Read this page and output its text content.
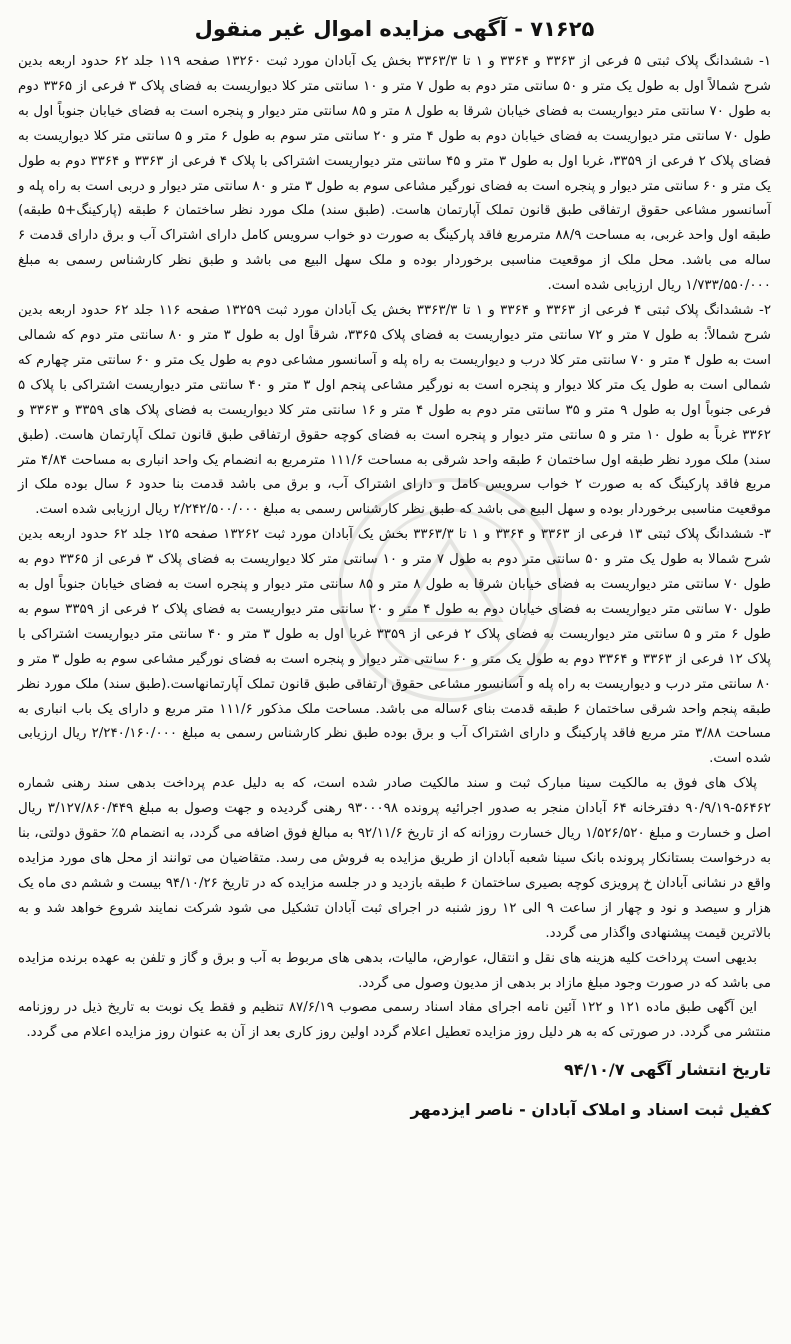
۷۱۶۲۵ - آگهی مزایده اموال غیر منقول

۱- ششدانگ پلاک ثبتی ۵ فرعی از ۳۳۶۳ و ۳۳۶۴ و ۱ تا ۳۳۶۳/۳ بخش یک آبادان مورد ثبت ۱۳۲۶۰ صفحه ۱۱۹ جلد ۶۲ حدود اربعه بدین شرح شمالاً اول به طول یک متر و ۵۰ سانتی متر دوم به طول ۷ متر و ۱۰ سانتی متر کلا دیواریست به فضای پلاک ۳ فرعی از ۳۳۶۵ دوم به طول ۷۰ سانتی متر دیواریست به فضای خیابان شرقا به طول ۸ متر و ۸۵ سانتی متر دیوار و پنجره است به فضای خیابان جنوباً اول به طول ۷۰ سانتی متر دیواریست به فضای خیابان دوم به طول ۴ متر و ۲۰ سانتی متر سوم به طول ۶ متر و ۵ سانتی متر کلا دیواریست به فضای پلاک ۲ فرعی از ۳۳۵۹، غربا اول به طول ۳ متر و ۴۵ سانتی متر دیواریست اشتراکی با پلاک ۴ فرعی از ۳۳۶۳ و ۳۳۶۴ دوم به طول یک متر و ۶۰ سانتی متر دیوار و پنجره است به فضای نورگیر مشاعی سوم به طول ۳ متر و ۸۰ سانتی متر دیوار و دربی است به راه پله و آسانسور مشاعی حقوق ارتفاقی طبق قانون تملک آپارتمان هاست. (طبق سند) ملک مورد نظر ساختمان ۶ طبقه (پارکینگ+۵ طبقه) طبقه اول واحد غربی، به مساحت ۸۸/۹ مترمربع فاقد پارکینگ به صورت دو خواب سرویس کامل دارای اشتراک آب و برق دارای قدمت ۶ ساله می باشد. محل ملک از موقعیت مناسبی برخوردار بوده و ملک سهل البیع می باشد و طبق نظر کارشناس رسمی به مبلغ ۱/۷۳۳/۵۵۰/۰۰۰ ریال ارزیابی شده است.

۲- ششدانگ پلاک ثبتی ۴ فرعی از ۳۳۶۳ و ۳۳۶۴ و ۱ تا ۳۳۶۳/۳ بخش یک آبادان مورد ثبت ۱۳۲۵۹ صفحه ۱۱۶ جلد ۶۲ حدود اربعه بدین شرح شمالاً: به طول ۷ متر و ۷۲ سانتی متر دیواریست به فضای پلاک ۳۳۶۵، شرقاً اول به طول ۳ متر و ۸۰ سانتی متر دوم که شمالی است به طول ۴ متر و ۷۰ سانتی متر کلا درب و دیواریست به راه پله و آسانسور مشاعی دوم به طول یک متر و ۶۰ سانتی متر چهارم که شمالی است به طول یک متر کلا دیوار و پنجره است به نورگیر مشاعی پنجم اول ۳ متر و ۴۰ سانتی متر دیواریست اشتراکی با پلاک ۵ فرعی جنوباً اول به طول ۹ متر و ۳۵ سانتی متر دوم به طول ۴ متر و ۱۶ سانتی متر کلا دیواریست به فضای پلاک های ۳۳۵۹ و ۳۳۶۳ و ۳۳۶۲ غرباً به طول ۱۰ متر و ۵ سانتی متر دیوار و پنجره است به فضای کوچه حقوق ارتفاقی طبق قانون تملک آپارتمان هاست. (طبق سند) ملک مورد نظر طبقه اول ساختمان ۶ طبقه واحد شرقی به مساحت ۱۱۱/۶ مترمربع به انضمام یک واحد انباری به مساحت ۴/۸۴ متر مربع فاقد پارکینگ که به صورت ۲ خواب سرویس کامل و دارای اشتراک آب، و برق می باشد قدمت بنا حدود ۶ سال بوده ملک از موقعیت مناسبی برخوردار بوده و سهل البیع می باشد که طبق نظر کارشناس رسمی به مبلغ ۲/۲۴۲/۵۰۰/۰۰۰ ریال ارزیابی شده است.

۳- ششدانگ پلاک ثبتی ۱۳ فرعی از ۳۳۶۳ و ۳۳۶۴ و ۱ تا ۳۳۶۳/۳ بخش یک آبادان مورد ثبت ۱۳۲۶۲ صفحه ۱۲۵ جلد ۶۲ حدود اربعه بدین شرح شمالا به طول یک متر و ۵۰ سانتی متر دوم به طول ۷ متر و ۱۰ سانتی متر کلا دیواریست به فضای پلاک ۳ فرعی از ۳۳۶۵ دوم به طول ۷۰ سانتی متر دیواریست به فضای خیابان شرقا به طول ۸ متر و ۸۵ سانتی متر دیوار و پنجره است به فضای خیابان جنوباً اول به طول ۷۰ سانتی متر دیواریست به فضای خیابان دوم به طول ۴ متر و ۲۰ سانتی متر دیواریست به فضای پلاک ۲ فرعی از ۳۳۵۹ سوم به طول ۶ متر و ۵ سانتی متر دیواریست به فضای پلاک ۲ فرعی از ۳۳۵۹ غربا اول به طول ۳ متر و ۴۰ سانتی متر دیواریست اشتراکی با پلاک ۱۲ فرعی از ۳۳۶۳ و ۳۳۶۴ دوم به طول یک متر و ۶۰ سانتی متر دیوار و پنجره است به فضای نورگیر مشاعی سوم به طول ۳ متر و ۸۰ سانتی متر درب و دیواریست به راه پله و آسانسور مشاعی حقوق ارتفاقی طبق قانون تملک آپارتمانهاست.(طبق سند) ملک مورد نظر طبقه پنجم واحد شرقی ساختمان ۶ طبقه قدمت بنای ۶ساله می باشد. مساحت ملک مذکور ۱۱۱/۶ متر مربع و دارای یک باب انباری به مساحت ۳/۸۸ متر مربع فاقد پارکینگ و دارای اشتراک آب و برق بوده طبق نظر کارشناس رسمی به مبلغ ۲/۲۴۰/۱۶۰/۰۰۰ ریال ارزیابی شده است.

پلاک های فوق به مالکیت سینا مبارک ثبت و سند مالکیت صادر شده است، که به دلیل عدم پرداخت بدهی سند رهنی شماره ۵۶۴۶۲-۹۰/۹/۱۹ دفترخانه ۶۴ آبادان منجر به صدور اجرائیه پرونده ۹۳۰۰۰۹۸ رهنی گردیده و جهت وصول به مبلغ ۳/۱۲۷/۸۶۰/۴۴۹ ریال اصل و خسارت و مبلغ ۱/۵۲۶/۵۲۰ ریال خسارت روزانه که از تاریخ ۹۲/۱۱/۶ به مبالغ فوق اضافه می گردد، به انضمام ۵٪ حقوق دولتی، بنا به درخواست بستانکار پرونده بانک سینا شعبه آبادان از طریق مزایده به فروش می رسد. متقاضیان می توانند از محل های مورد مزایده واقع در نشانی آبادان خ پرویزی کوچه بصیری ساختمان ۶ طبقه بازدید و در جلسه مزایده که در تاریخ ۹۴/۱۰/۲۶ بیست و ششم دی ماه یک هزار و سیصد و نود و چهار از ساعت ۹ الی ۱۲ روز شنبه در اجرای ثبت آبادان تشکیل می شود شرکت نمایند شروع خواهد شد و به بالاترین قیمت پیشنهادی واگذار می گردد.

بدیهی است پرداخت کلیه هزینه های نقل و انتقال، عوارض، مالیات، بدهی های مربوط به آب و برق و گاز و تلفن به عهده برنده مزایده می باشد که در صورت وجود مبلغ مازاد بر بدهی از مدیون وصول می گردد.

این آگهی طبق ماده ۱۲۱ و ۱۲۲ آئین نامه اجرای مفاد اسناد رسمی مصوب ۸۷/۶/۱۹ تنظیم و فقط یک نوبت به تاریخ ذیل در روزنامه منتشر می گردد. در صورتی که به هر دلیل روز مزایده تعطیل اعلام گردد اولین روز کاری بعد از آن به عنوان روز مزایده اعلام می گردد.

تاریخ انتشار آگهی ۹۴/۱۰/۷
کفیل ثبت اسناد و املاک آبادان - ناصر ایزدمهر
